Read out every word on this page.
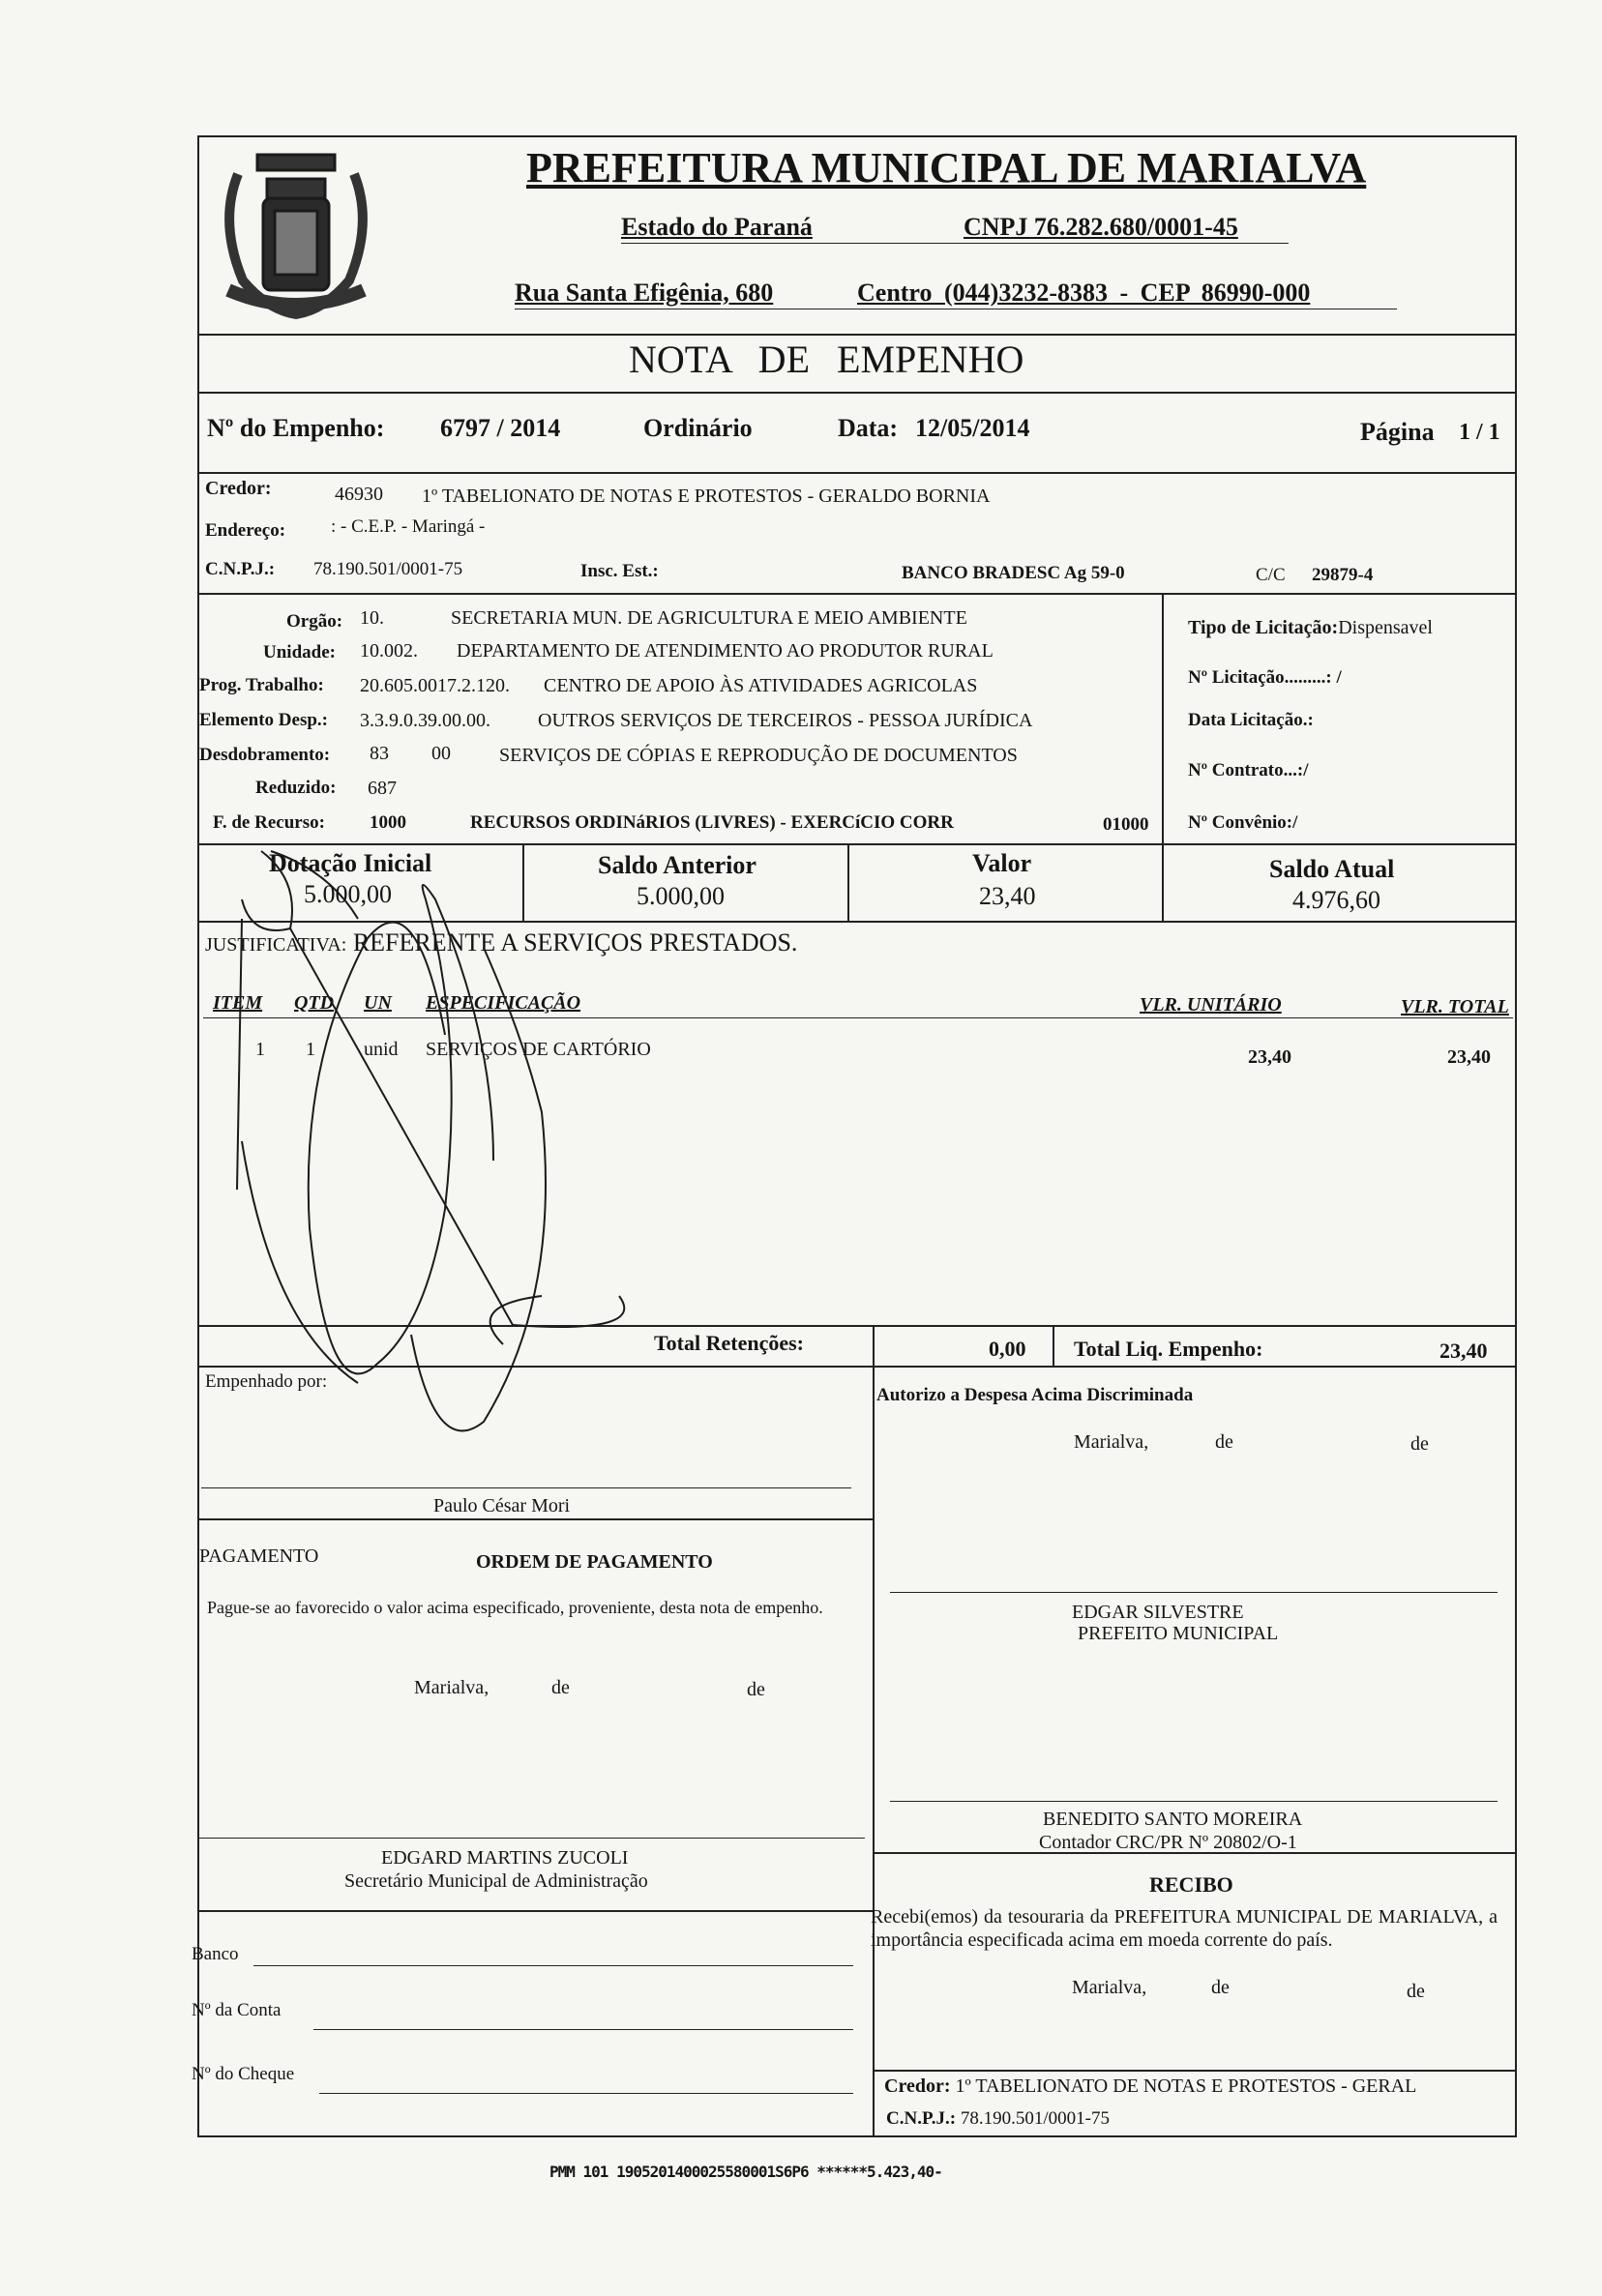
PREFEITURA MUNICIPAL DE MARIALVA
Estado do Paraná	CNPJ 76.282.680/0001-45
Rua Santa Efigênia, 680	Centro (044)3232-8383 - CEP 86990-000
NOTA DE EMPENHO
Nº do Empenho: 6797 / 2014	Ordinário	Data: 12/05/2014	Página 1 / 1
Credor:	46930 1º TABELIONATO DE NOTAS E PROTESTOS - GERALDO BORNIA
Endereço: : - C.E.P. - Maringá -
C.N.P.J.: 78.190.501/0001-75	Insc. Est.:	BANCO BRADESC Ag 59-0	C/C 29879-4
Orgão: 10.	SECRETARIA MUN. DE AGRICULTURA E MEIO AMBIENTE
Unidade: 10.002. DEPARTAMENTO DE ATENDIMENTO AO PRODUTOR RURAL
Prog. Trabalho: 20.605.0017.2.120. CENTRO DE APOIO ÀS ATIVIDADES AGRICOLAS
Elemento Desp.: 3.3.9.0.39.00.00. OUTROS SERVIÇOS DE TERCEIROS - PESSOA JURÍDICA
Desdobramento: 83 00	SERVIÇOS DE CÓPIAS E REPRODUÇÃO DE DOCUMENTOS
Reduzido: 687
F. de Recurso: 1000	RECURSOS ORDINáRIOS (LIVRES) - EXERCíCIO CORR	01000
Tipo de Licitação:Dispensavel
Nº Licitação.........: /
Data Licitação.:
Nº Contrato...:/
Nº Convênio:/
Dotação Inicial
5.000,00
Saldo Anterior
5.000,00
Valor
23,40
Saldo Atual
4.976,60
JUSTIFICATIVA: REFERENTE A SERVIÇOS PRESTADOS.
ITEM QTD UN ESPECIFICAÇÃO	VLR. UNITÁRIO	VLR. TOTAL
1 1	unid SERVIÇOS DE CARTÓRIO	23,40	23,40
Total Retenções:	0,00 Total Liq. Empenho:	23,40
Empenhado por:
Paulo César Mori
Autorizo a Despesa Acima Discriminada
Marialva,	de	de
EDGAR SILVESTRE
PREFEITO MUNICIPAL
PAGAMENTO	ORDEM DE PAGAMENTO
Pague-se ao favorecido o valor acima especificado, proveniente, desta nota de empenho.
Marialva,	de	de
EDGARD MARTINS ZUCOLI
Secretário Municipal de Administração
BENEDITO SANTO MOREIRA
Contador CRC/PR Nº 20802/O-1
RECIBO
Recebi(emos) da tesouraria da PREFEITURA MUNICIPAL DE MARIALVA, a importância especificada acima em moeda corrente do país.
Marialva,	de	de
Banco
Nº da Conta
Nº do Cheque
Credor: 1º TABELIONATO DE NOTAS E PROTESTOS - GERAL
C.N.P.J.: 78.190.501/0001-75
PMM 101 1905201400025580001S6P6 ******5.423,40-
